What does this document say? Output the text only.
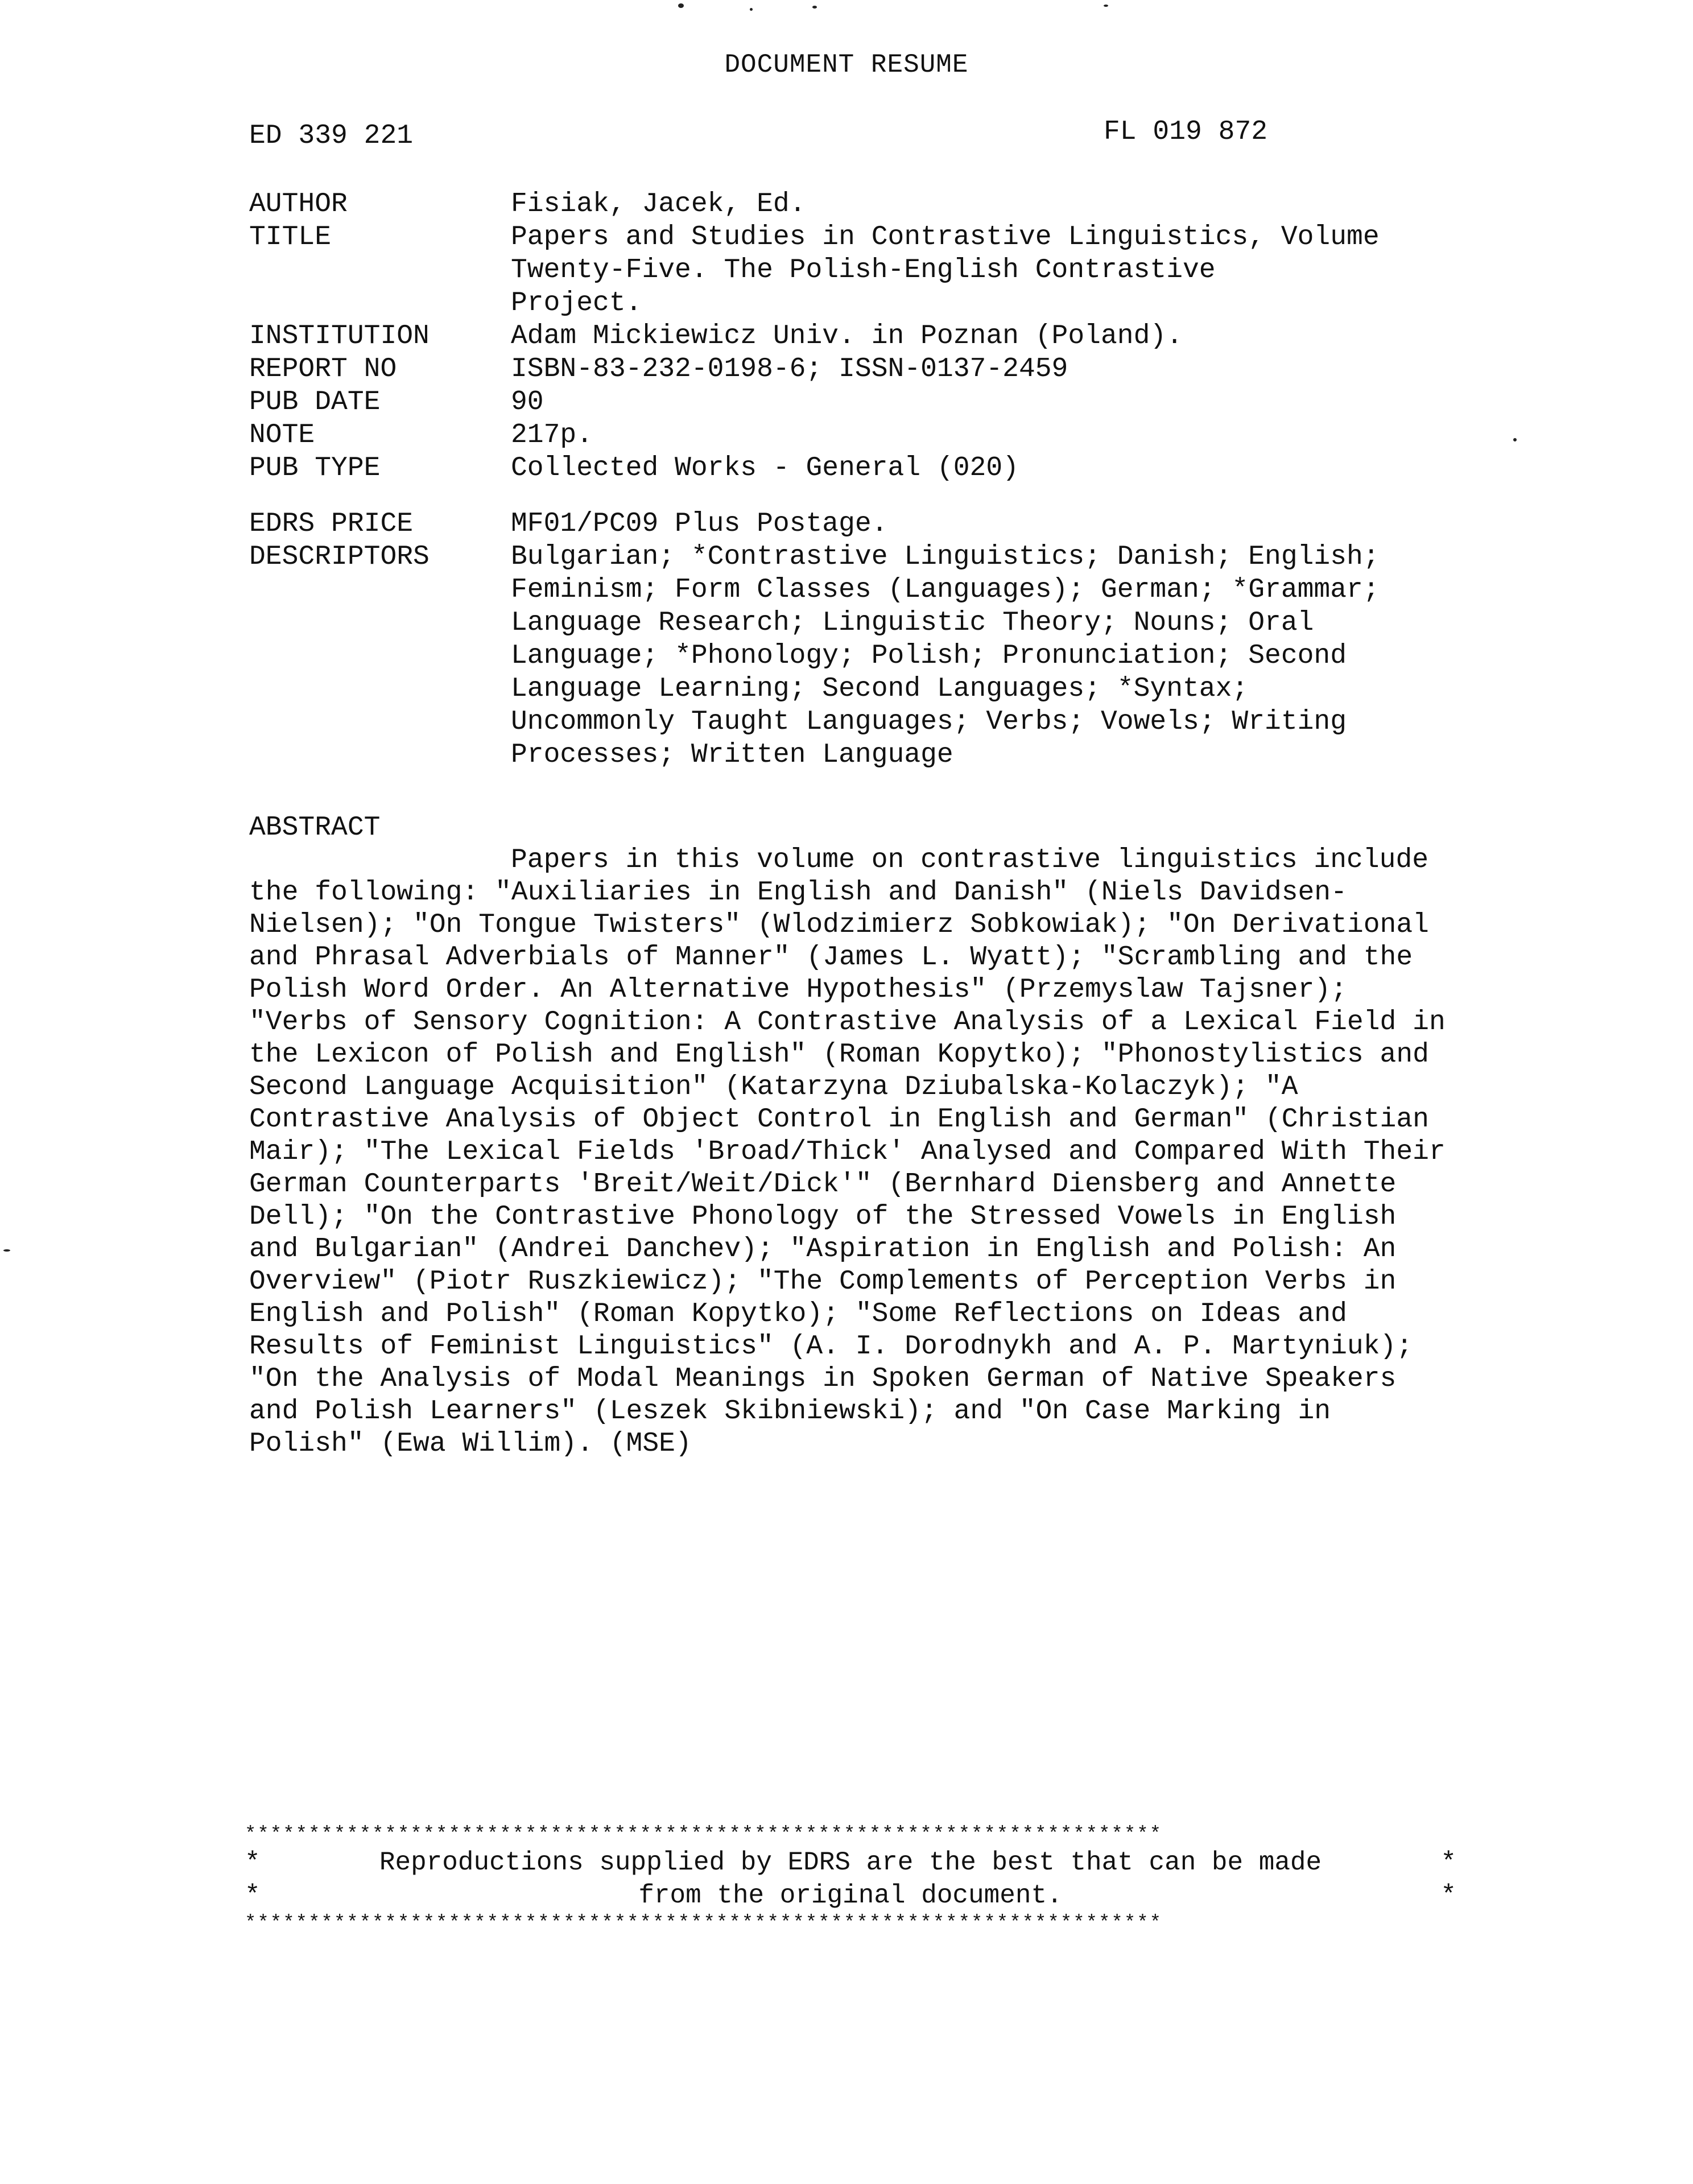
DOCUMENT RESUME
ED 339 221	FL 019 872
AUTHOR	Fisiak, Jacek, Ed.
TITLE	Papers and Studies in Contrastive Linguistics, Volume
Twenty-Five. The Polish-English Contrastive
Project.
INSTITUTION	Adam Mickiewicz Univ. in Poznan (Poland).
REPORT NO	ISBN-83-232-0198-6; ISSN-0137-2459
PUB DATE	90
NOTE	217p.
PUB TYPE	Collected Works - General (020)
EDRS PRICE	MF01/PC09 Plus Postage.
DESCRIPTORS	Bulgarian; *Contrastive Linguistics; Danish; English;
Feminism; Form Classes (Languages); German; *Grammar;
Language Research; Linguistic Theory; Nouns; Oral
Language; *Phonology; Polish; Pronunciation; Second
Language Learning; Second Languages; *Syntax;
Uncommonly Taught Languages; Verbs; Vowels; Writing
Processes; Written Language
ABSTRACT
Papers in this volume on contrastive linguistics include the following: "Auxiliaries in English and Danish" (Niels Davidsen-Nielsen); "On Tongue Twisters" (Wlodzimierz Sobkowiak); "On Derivational and Phrasal Adverbials of Manner" (James L. Wyatt); "Scrambling and the Polish Word Order. An Alternative Hypothesis" (Przemyslaw Tajsner); "Verbs of Sensory Cognition: A Contrastive Analysis of a Lexical Field in the Lexicon of Polish and English" (Roman Kopytko); "Phonostylistics and Second Language Acquisition" (Katarzyna Dziubalska-Kolaczyk); "A Contrastive Analysis of Object Control in English and German" (Christian Mair); "The Lexical Fields 'Broad/Thick' Analysed and Compared With Their German Counterparts 'Breit/Weit/Dick'" (Bernhard Diensberg and Annette Dell); "On the Contrastive Phonology of the Stressed Vowels in English and Bulgarian" (Andrei Danchev); "Aspiration in English and Polish: An Overview" (Piotr Ruszkiewicz); "The Complements of Perception Verbs in English and Polish" (Roman Kopytko); "Some Reflections on Ideas and Results of Feminist Linguistics" (A. I. Dorodnykh and A. P. Martyniuk); "On the Analysis of Modal Meanings in Spoken German of Native Speakers and Polish Learners" (Leszek Skibniewski); and "On Case Marking in Polish" (Ewa Willim). (MSE)
************************************************************************
*	Reproductions supplied by EDRS are the best that can be made	*
*	from the original document.	*
************************************************************************
